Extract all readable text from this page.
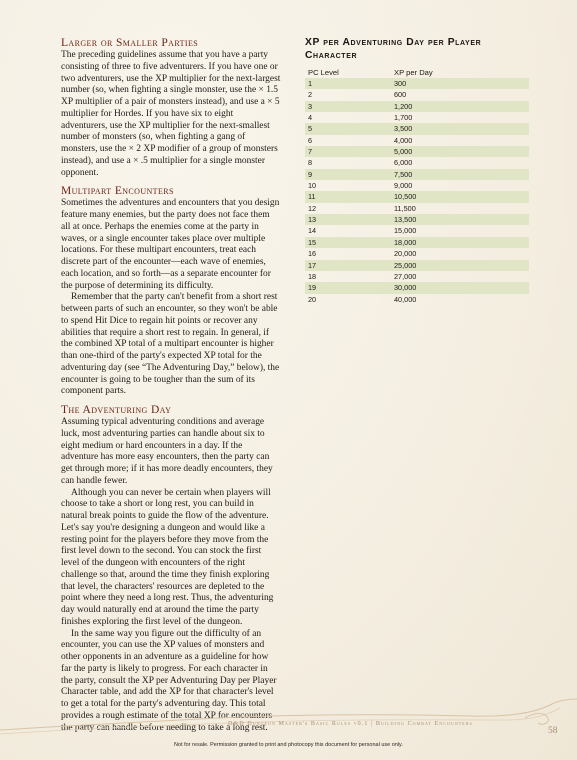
Larger or Smaller Parties

The preceding guidelines assume that you have a party consisting of three to five adventurers. If you have one or two adventurers, use the XP multiplier for the next-largest number (so, when fighting a single monster, use the × 1.5 XP multiplier of a pair of monsters instead), and use a × 5 multiplier for Hordes. If you have six to eight adventurers, use the XP multiplier for the next-smallest number of monsters (so, when fighting a gang of monsters, use the × 2 XP modifier of a group of monsters instead), and use a × .5 multiplier for a single monster opponent.

Multipart Encounters

Sometimes the adventures and encounters that you design feature many enemies, but the party does not face them all at once. Perhaps the enemies come at the party in waves, or a single encounter takes place over multiple locations. For these multipart encounters, treat each discrete part of the encounter—each wave of enemies, each location, and so forth—as a separate encounter for the purpose of determining its difficulty.

Remember that the party can't benefit from a short rest between parts of such an encounter, so they won't be able to spend Hit Dice to regain hit points or recover any abilities that require a short rest to regain. In general, if the combined XP total of a multipart encounter is higher than one-third of the party's expected XP total for the adventuring day (see “The Adventuring Day,” below), the encounter is going to be tougher than the sum of its component parts.

The Adventuring Day

Assuming typical adventuring conditions and average luck, most adventuring parties can handle about six to eight medium or hard encounters in a day. If the adventure has more easy encounters, then the party can get through more; if it has more deadly encounters, they can handle fewer.

Although you can never be certain when players will choose to take a short or long rest, you can build in natural break points to guide the flow of the adventure. Let's say you're designing a dungeon and would like a resting point for the players before they move from the first level down to the second. You can stock the first level of the dungeon with encounters of the right challenge so that, around the time they finish exploring that level, the characters' resources are depleted to the point where they need a long rest. Thus, the adventuring day would naturally end at around the time the party finishes exploring the first level of the dungeon.

In the same way you figure out the difficulty of an encounter, you can use the XP values of monsters and other opponents in an adventure as a guideline for how far the party is likely to progress. For each character in the party, consult the XP per Adventuring Day per Player Character table, and add the XP for that character's level to get a total for the party's adventuring day. This total provides a rough estimate of the total XP for encounters the party can handle before needing to take a long rest.

XP per Adventuring Day per Player Character
PC Level	XP per Day
1	300
2	600
3	1,200
4	1,700
5	3,500
6	4,000
7	5,000
8	6,000
9	7,500
10	9,000
11	10,500
12	11,500
13	13,500
14	15,000
15	18,000
16	20,000
17	25,000
18	27,000
19	30,000
20	40,000
D&D Dungeon Master's Basic Rules v0.1 | Building Combat Encounters
58
Not for resale. Permission granted to print and photocopy this document for personal use only.
